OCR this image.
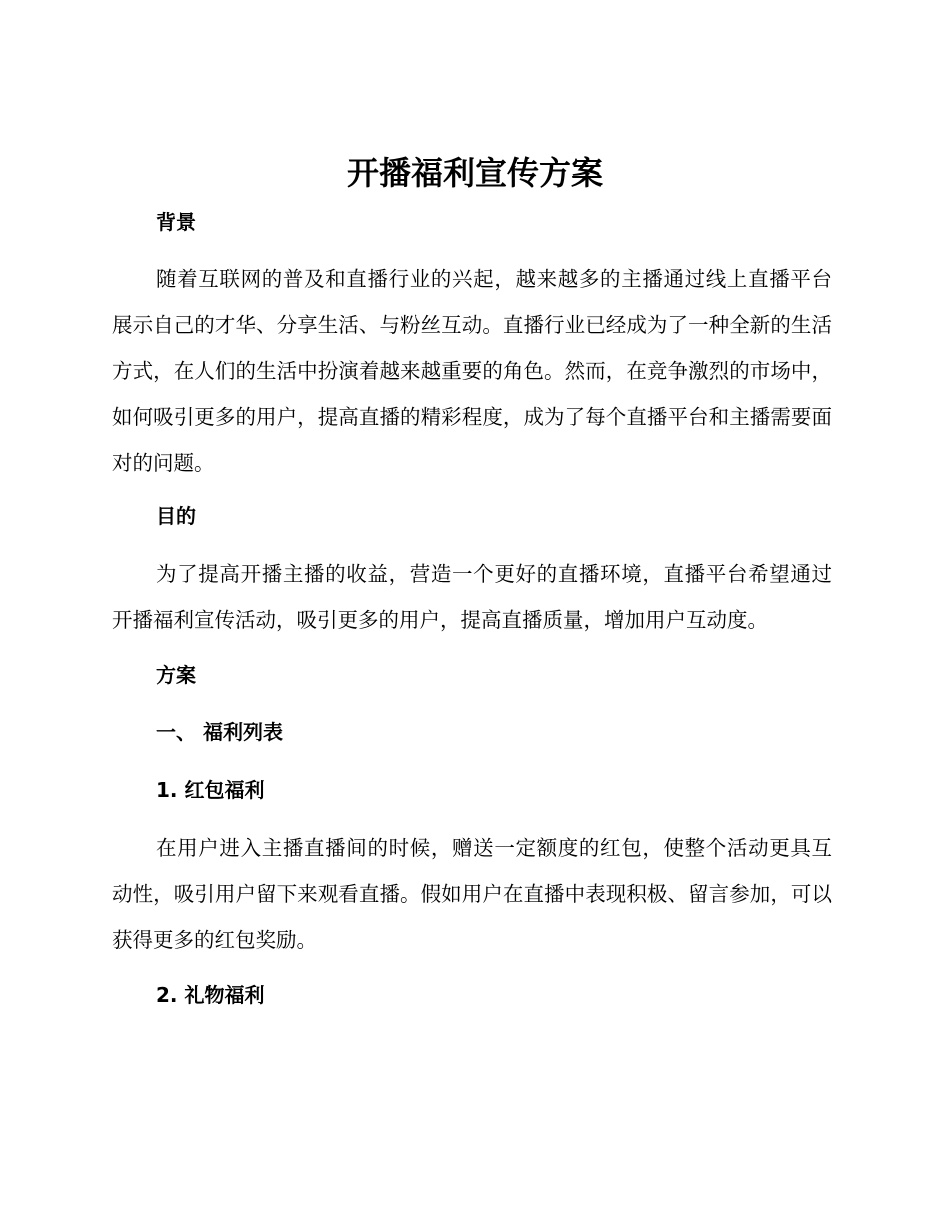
开播福利宣传方案
背景

随着互联网的普及和直播行业的兴起，越来越多的主播通过线上直播平台展示自己的才华、分享生活、与粉丝互动。直播行业已经成为了一种全新的生活方式，在人们的生活中扮演着越来越重要的角色。然而，在竞争激烈的市场中，如何吸引更多的用户，提高直播的精彩程度，成为了每个直播平台和主播需要面对的问题。

目的

为了提高开播主播的收益，营造一个更好的直播环境，直播平台希望通过开播福利宣传活动，吸引更多的用户，提高直播质量，增加用户互动度。

方案
一、 福利列表
1. 红包福利

在用户进入主播直播间的时候，赠送一定额度的红包，使整个活动更具互动性，吸引用户留下来观看直播。假如用户在直播中表现积极、留言参加，可以获得更多的红包奖励。

2. 礼物福利
